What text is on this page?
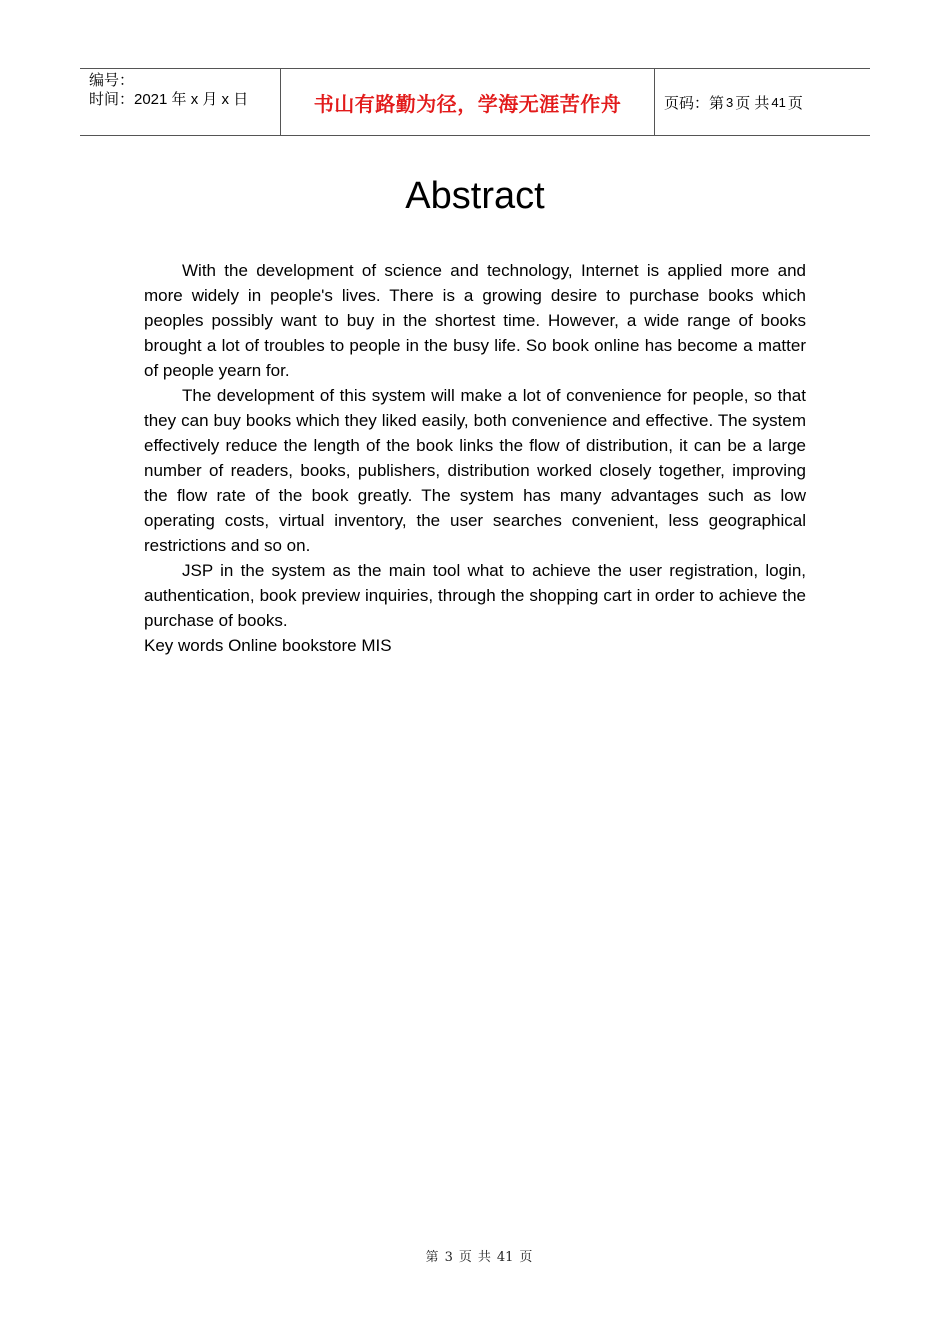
编号：
时间：2021 年 x 月 x 日	书山有路勤为径，学海无涯苦作舟	页码：第 3 页 共 41 页
Abstract

With the development of science and technology, Internet is applied more and more widely in people's lives. There is a growing desire to purchase books which peoples possibly want to buy in the shortest time. However, a wide range of books brought a lot of troubles to people in the busy life. So book online has become a matter of people yearn for.

The development of this system will make a lot of convenience for people, so that they can buy books which they liked easily, both convenience and effective. The system effectively reduce the length of the book links the flow of distribution, it can be a large number of readers, books, publishers, distribution worked closely together, improving the flow rate of the book greatly. The system has many advantages such as low operating costs, virtual inventory, the user searches convenient, less geographical restrictions and so on.

JSP in the system as the main tool what to achieve the user registration, login, authentication, book preview inquiries, through the shopping cart in order to achieve the purchase of books.

Key words Online bookstore MIS

第 3 页 共 41 页
